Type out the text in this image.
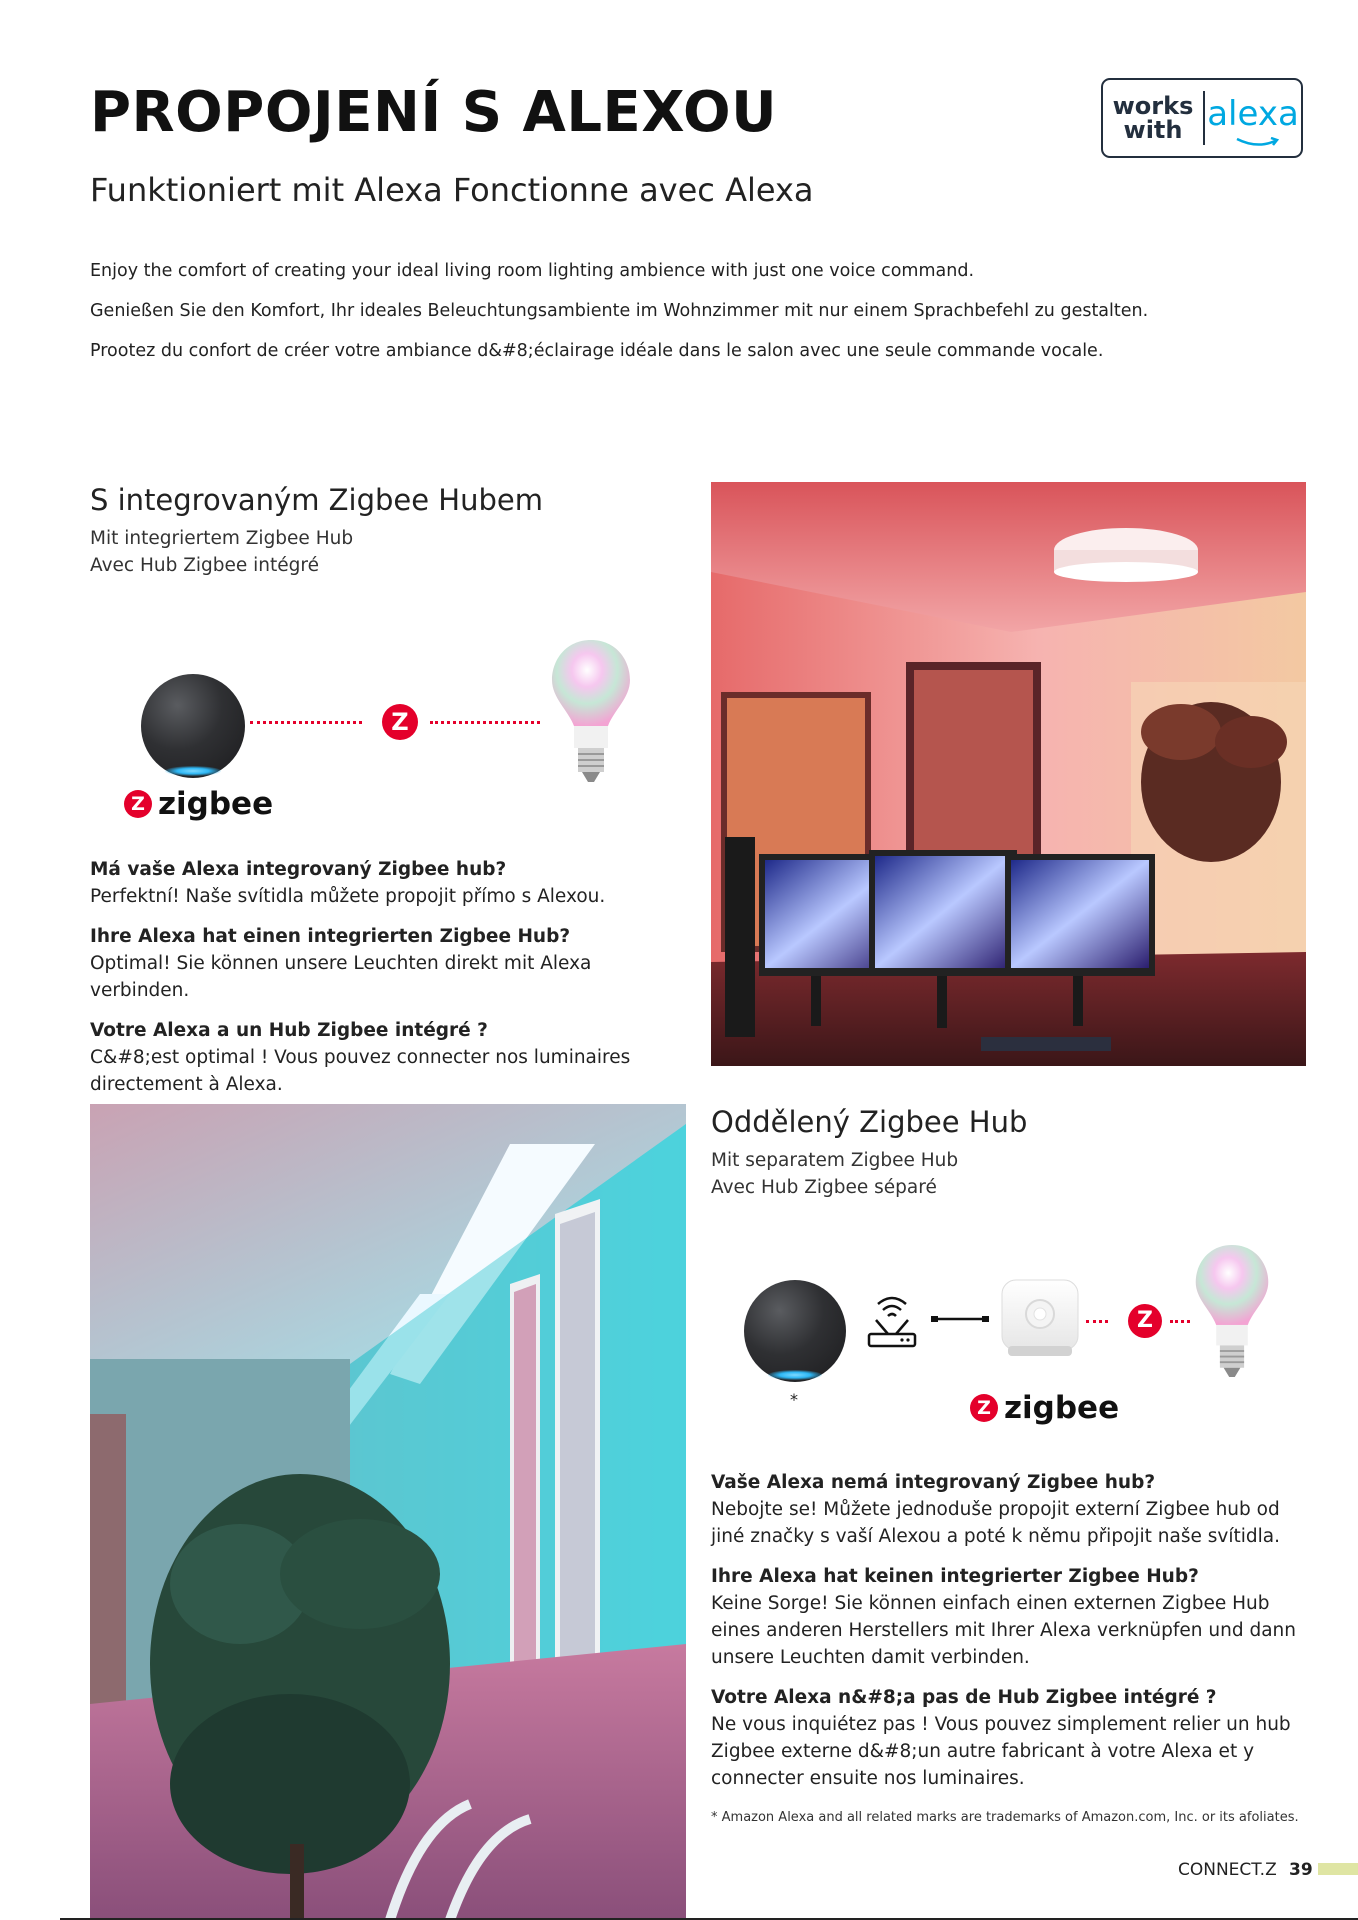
PROPOJENÍ S ALEXOU
Funktioniert mit Alexa Fonctionne avec Alexa
works
with alexa

Enjoy the comfort of creating your ideal living room lighting ambience with just one voice command.

Genießen Sie den Komfort, Ihr ideales Beleuchtungsambiente im Wohnzimmer mit nur einem Sprachbefehl zu gestalten.

Prootez du confort de créer votre ambiance d&#8;éclairage idéale dans le salon avec une seule commande vocale.

S integrovaným Zigbee Hubem
Mit integriertem Zigbee Hub
Avec Hub Zigbee intégré
Z
Z zigbee
Má vaše Alexa integrovaný Zigbee hub?
Perfektní! Naše svítidla můžete propojit přímo s Alexou.
Ihre Alexa hat einen integrierten Zigbee Hub?
Optimal! Sie können unsere Leuchten direkt mit Alexa verbinden.
Votre Alexa a un Hub Zigbee intégré ?
C&#8;est optimal ! Vous pouvez connecter nos luminaires directement à Alexa.
Oddělený Zigbee Hub
Mit separatem Zigbee Hub
Avec Hub Zigbee séparé
*
Z
Z zigbee
Vaše Alexa nemá integrovaný Zigbee hub?
Nebojte se! Můžete jednoduše propojit externí Zigbee hub od jiné značky s vaší Alexou a poté k němu připojit naše svítidla.
Ihre Alexa hat keinen integrierter Zigbee Hub?
Keine Sorge! Sie können einfach einen externen Zigbee Hub eines anderen Herstellers mit Ihrer Alexa verknüpfen und dann unsere Leuchten damit verbinden.
Votre Alexa n&#8;a pas de Hub Zigbee intégré ?
Ne vous inquiétez pas ! Vous pouvez simplement relier un hub Zigbee externe d&#8;un autre fabricant à votre Alexa et y connecter ensuite nos luminaires.
* Amazon Alexa and all related marks are trademarks of Amazon.com, Inc. or its afoliates.
CONNECT.Z 39
